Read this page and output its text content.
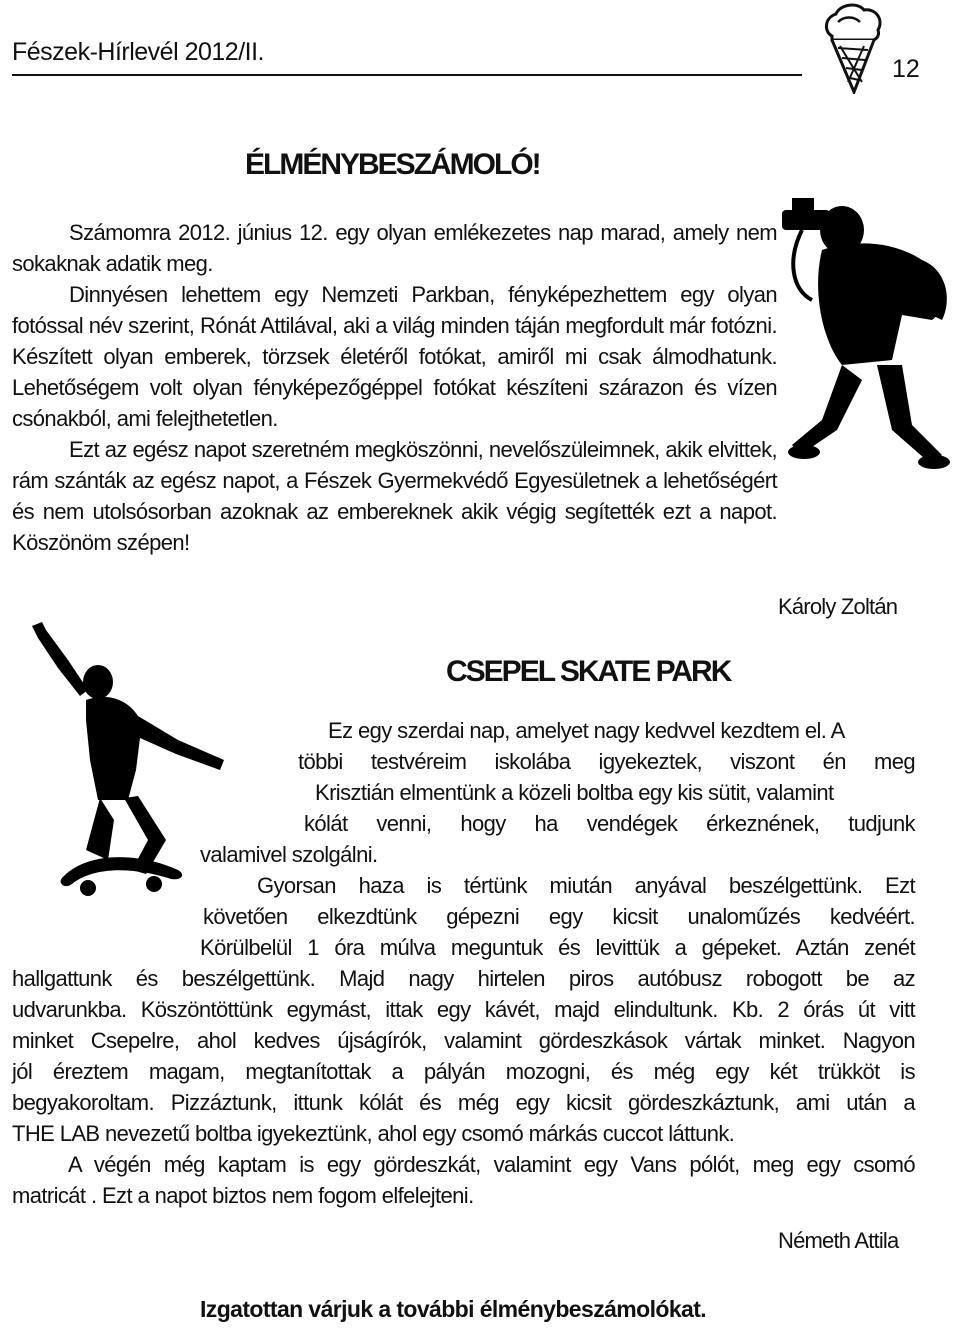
Fészek-Hírlevél 2012/II.
12
ÉLMÉNYBESZÁMOLÓ!

Számomra 2012. június 12. egy olyan emlékezetes nap marad, amely nem sokaknak adatik meg.

Dinnyésen lehettem egy Nemzeti Parkban, fényképezhettem egy olyan fotóssal név szerint, Rónát Attilával, aki a világ minden táján megfordult már fotózni. Készített olyan emberek, törzsek életéről fotókat, amiről mi csak álmodhatunk. Lehetőségem volt olyan fényképezőgéppel fotókat készíteni szárazon és vízen csónakból, ami felejthetetlen.

Ezt az egész napot szeretném megköszönni, nevelőszüleimnek, akik elvittek, rám szánták az egész napot, a Fészek Gyermekvédő Egyesületnek a lehetőségért és nem utolsósorban azoknak az embereknek akik végig segítették ezt a napot. Köszönöm szépen!

Károly Zoltán
CSEPEL SKATE PARK
Ez egy szerdai nap, amelyet nagy kedvvel kezdtem el. A
többi testvéreim iskolába igyekeztek, viszont én meg
Krisztián elmentünk a közeli boltba egy kis sütit, valamint
kólát venni, hogy ha vendégek érkeznének, tudjunk
valamivel szolgálni.
Gyorsan haza is tértünk miután anyával beszélgettünk. Ezt
követően elkezdtünk gépezni egy kicsit unaloműzés kedvéért.
Körülbelül 1 óra múlva meguntuk és levittük a gépeket. Aztán zenét
hallgattunk és beszélgettünk. Majd nagy hirtelen piros autóbusz robogott be az
udvarunkba. Köszöntöttünk egymást, ittak egy kávét, majd elindultunk. Kb. 2 órás út vitt
minket Csepelre, ahol kedves újságírók, valamint gördeszkások vártak minket. Nagyon
jól éreztem magam, megtanítottak a pályán mozogni, és még egy két trükköt is
begyakoroltam. Pizzáztunk, ittunk kólát és még egy kicsit gördeszkáztunk, ami után a
THE LAB nevezetű boltba igyekeztünk, ahol egy csomó márkás cuccot láttunk.
A végén még kaptam is egy gördeszkát, valamint egy Vans pólót, meg egy csomó
matricát . Ezt a napot biztos nem fogom elfelejteni.
Németh Attila
Izgatottan várjuk a további élménybeszámolókat.
